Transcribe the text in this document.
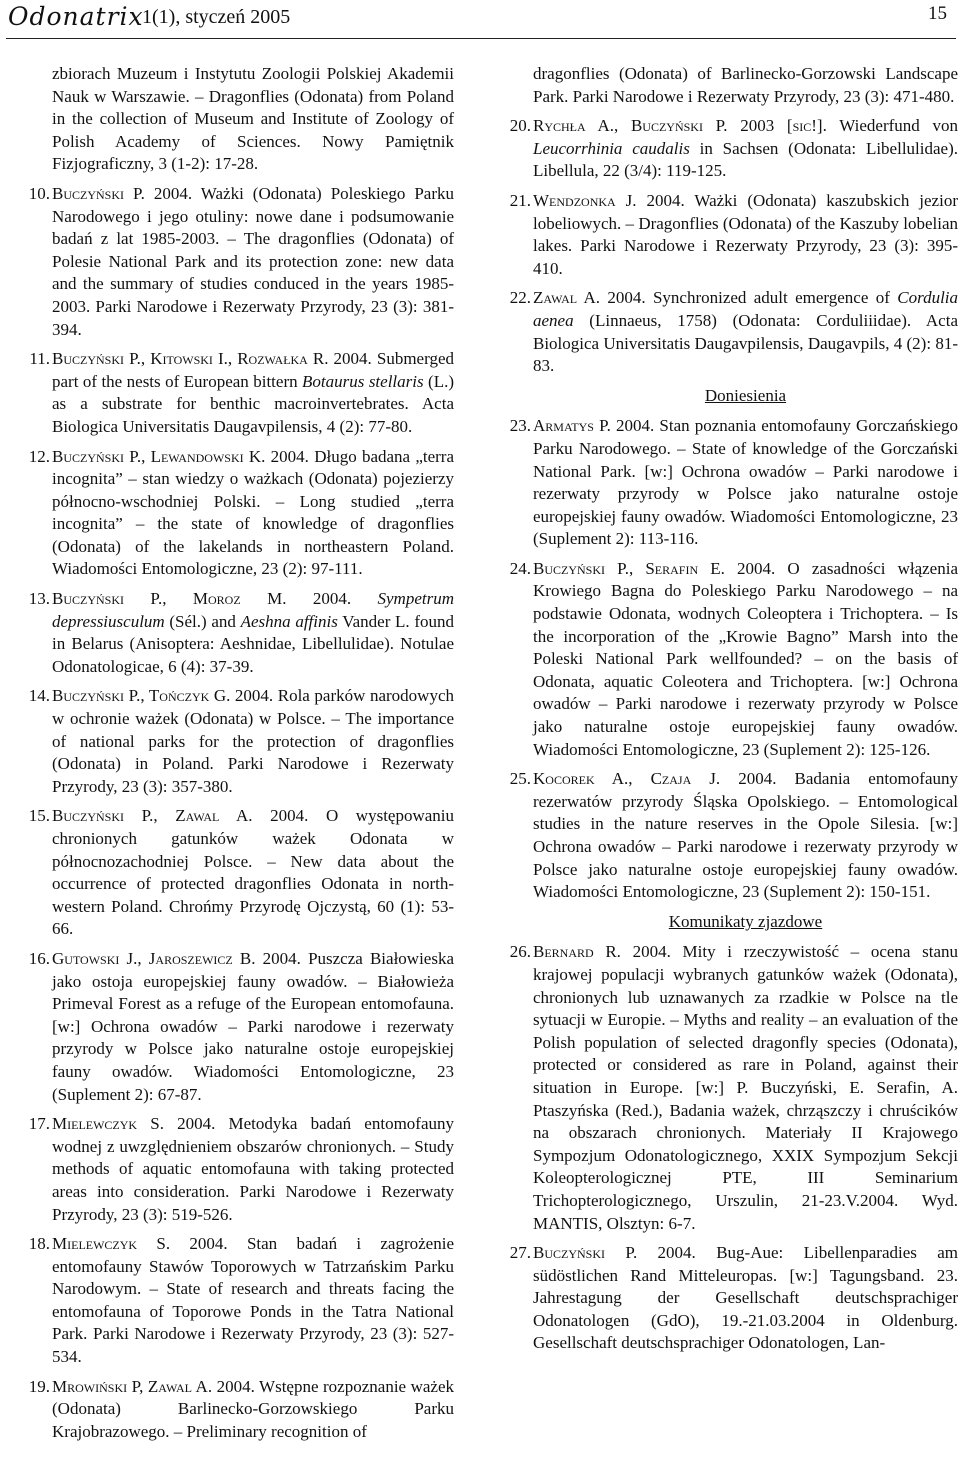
Odonatrix
1(1), styczeń 2005	15

zbiorach Muzeum i Instytutu Zoologii Polskiej Akademii Nauk w Warszawie. – Dragonflies (Odonata) from Poland in the collection of Museum and Institute of Zoology of Polish Academy of Sciences. Nowy Pamiętnik Fizjograficzny, 3 (1-2): 17-28.

10. Buczyński P. 2004. Ważki (Odonata) Poleskiego Parku Narodowego i jego otuliny: nowe dane i podsumowanie badań z lat 1985-2003. – The dragonflies (Odonata) of Polesie National Park and its protection zone: new data and the summary of studies conduced in the years 1985-2003. Parki Narodowe i Rezerwaty Przyrody, 23 (3): 381-394.

11. Buczyński P., Kitowski I., Rozwałka R. 2004. Submerged part of the nests of European bittern Botaurus stellaris (L.) as a substrate for benthic macroinvertebrates. Acta Biologica Universitatis Daugavpilensis, 4 (2): 77-80.

12. Buczyński P., Lewandowski K. 2004. Długo badana „terra incognita” – stan wiedzy o ważkach (Odonata) pojezierzy północno-wschodniej Polski. – Long studied „terra incognita” – the state of knowledge of dragonflies (Odonata) of the lakelands in northeastern Poland. Wiadomości Entomologiczne, 23 (2): 97-111.

13. Buczyński P., Moroz M. 2004. Sympetrum depressiusculum (Sél.) and Aeshna affinis Vander L. found in Belarus (Anisoptera: Aeshnidae, Libellulidae). Notulae Odonatologicae, 6 (4): 37-39.

14. Buczyński P., Tończyk G. 2004. Rola parków narodowych w ochronie ważek (Odonata) w Polsce. – The importance of national parks for the protection of dragonflies (Odonata) in Poland. Parki Narodowe i Rezerwaty Przyrody, 23 (3): 357-380.

15. Buczyński P., Zawal A. 2004. O występowaniu chronionych gatunków ważek Odonata w północnozachodniej Polsce. – New data about the occurrence of protected dragonflies Odonata in north-western Poland. Chrońmy Przyrodę Ojczystą, 60 (1): 53-66.

16. Gutowski J., Jaroszewicz B. 2004. Puszcza Białowieska jako ostoja europejskiej fauny owadów. – Białowieża Primeval Forest as a refuge of the European entomofauna. [w:] Ochrona owadów – Parki narodowe i rezerwaty przyrody w Polsce jako naturalne ostoje europejskiej fauny owadów. Wiadomości Entomologiczne, 23 (Suplement 2): 67-87.

17. Mielewczyk S. 2004. Metodyka badań entomofauny wodnej z uwzględnieniem obszarów chronionych. – Study methods of aquatic entomofauna with taking protected areas into consideration. Parki Narodowe i Rezerwaty Przyrody, 23 (3): 519-526.

18. Mielewczyk S. 2004. Stan badań i zagrożenie entomofauny Stawów Toporowych w Tatrzańskim Parku Narodowym. – State of research and threats facing the entomofauna of Toporowe Ponds in the Tatra National Park. Parki Narodowe i Rezerwaty Przyrody, 23 (3): 527-534.

19. Mrowiński P, Zawal A. 2004. Wstępne rozpoznanie ważek (Odonata) Barlinecko-Gorzowskiego Parku Krajobrazowego. – Preliminary recognition of

dragonflies (Odonata) of Barlinecko-Gorzowski Landscape Park. Parki Narodowe i Rezerwaty Przyrody, 23 (3): 471-480.

20. Rychła A., Buczyński P. 2003 [sic!]. Wiederfund von Leucorrhinia caudalis in Sachsen (Odonata: Libellulidae). Libellula, 22 (3/4): 119-125.

21. Wendzonka J. 2004. Ważki (Odonata) kaszubskich jezior lobeliowych. – Dragonflies (Odonata) of the Kaszuby lobelian lakes. Parki Narodowe i Rezerwaty Przyrody, 23 (3): 395-410.

22. Zawal A. 2004. Synchronized adult emergence of Cordulia aenea (Linnaeus, 1758) (Odonata: Corduliiidae). Acta Biologica Universitatis Daugavpilensis, Daugavpils, 4 (2): 81-83.

Doniesienia

23. Armatys P. 2004. Stan poznania entomofauny Gorczańskiego Parku Narodowego. – State of knowledge of the Gorczański National Park. [w:] Ochrona owadów – Parki narodowe i rezerwaty przyrody w Polsce jako naturalne ostoje europejskiej fauny owadów. Wiadomości Entomologiczne, 23 (Suplement 2): 113-116.

24. Buczyński P., Serafin E. 2004. O zasadności włązenia Krowiego Bagna do Poleskiego Parku Narodowego – na podstawie Odonata, wodnych Coleoptera i Trichoptera. – Is the incorporation of the „Krowie Bagno” Marsh into the Poleski National Park wellfounded? – on the basis of Odonata, aquatic Coleotera and Trichoptera. [w:] Ochrona owadów – Parki narodowe i rezerwaty przyrody w Polsce jako naturalne ostoje europejskiej fauny owadów. Wiadomości Entomologiczne, 23 (Suplement 2): 125-126.

25. Kocorek A., Czaja J. 2004. Badania entomofauny rezerwatów przyrody Śląska Opolskiego. – Entomological studies in the nature reserves in the Opole Silesia. [w:] Ochrona owadów – Parki narodowe i rezerwaty przyrody w Polsce jako naturalne ostoje europejskiej fauny owadów. Wiadomości Entomologiczne, 23 (Suplement 2): 150-151.

Komunikaty zjazdowe

26. Bernard R. 2004. Mity i rzeczywistość – ocena stanu krajowej populacji wybranych gatunków ważek (Odonata), chronionych lub uznawanych za rzadkie w Polsce na tle sytuacji w Europie. – Myths and reality – an evaluation of the Polish population of selected dragonfly species (Odonata), protected or considered as rare in Poland, against their situation in Europe. [w:] P. Buczyński, E. Serafin, A. Ptaszyńska (Red.), Badania ważek, chrząszczy i chruścików na obszarach chronionych. Materiały II Krajowego Sympozjum Odonatologicznego, XXIX Sympozjum Sekcji Koleopterologicznej PTE, III Seminarium Trichopterologicznego, Urszulin, 21-23.V.2004. Wyd. MANTIS, Olsztyn: 6-7.

27. Buczyński P. 2004. Bug-Aue: Libellenparadies am südöstlichen Rand Mitteleuropas. [w:] Tagungsband. 23. Jahrestagung der Gesellschaft deutschsprachiger Odonatologen (GdO), 19.-21.03.2004 in Oldenburg. Gesellschaft deutschsprachiger Odonatologen, Lan-
